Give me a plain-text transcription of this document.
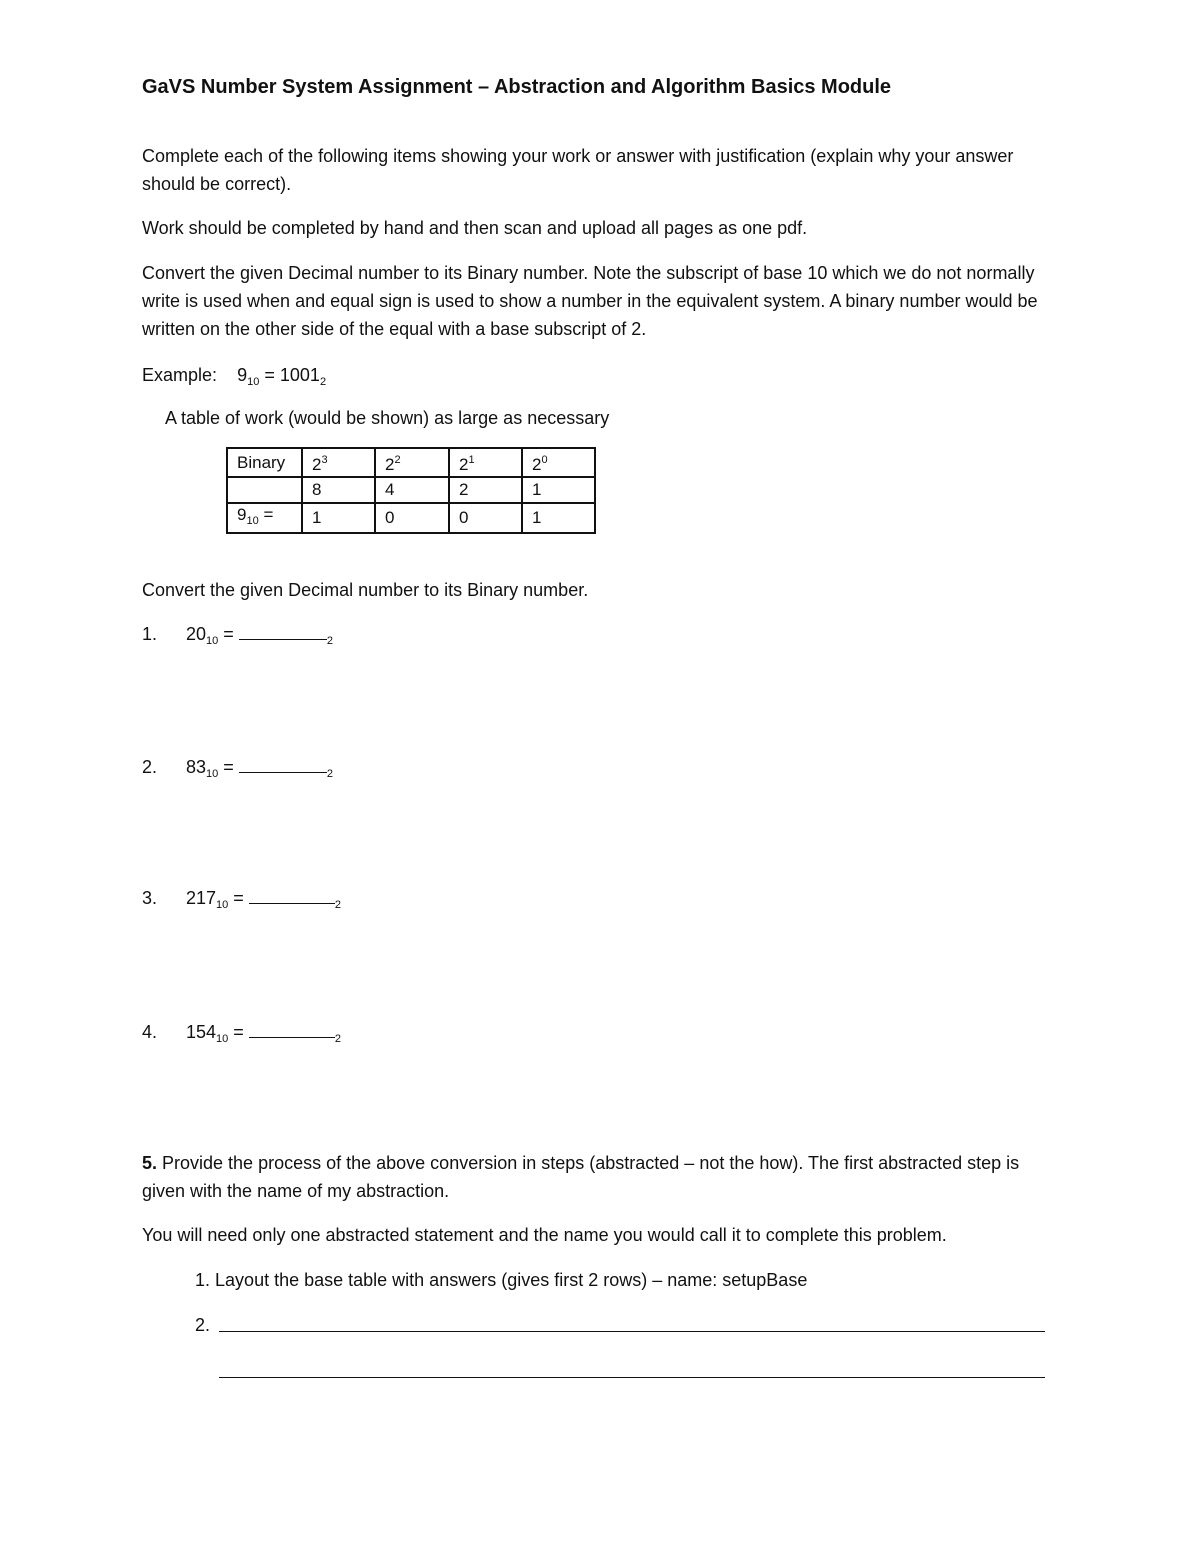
GaVS Number System Assignment – Abstraction and Algorithm Basics Module
Complete each of the following items showing your work or answer with justification (explain why your answer should be correct).
Work should be completed by hand and then scan and upload all pages as one pdf.
Convert the given Decimal number to its Binary number. Note the subscript of base 10 which we do not normally write is used when and equal sign is used to show a number in the equivalent system. A binary number would be written on the other side of the equal with a base subscript of 2.
Example: $9_{10} = 1001_2$
A table of work (would be shown) as large as necessary
Binary	$2^3$	$2^2$	$2^1$	$2^0$
	8	4	2	1
$9_{10}$ =	1	0	0	1
Convert the given Decimal number to its Binary number.
1. $20_{10}$ =	$_2$
2. $83_{10}$ =	$_2$
3. $217_{10}$ =	$_2$
4. $154_{10}$ =	$_2$
5. Provide the process of the above conversion in steps (abstracted – not the how). The first abstracted step is given with the name of my abstraction.
You will need only one abstracted statement and the name you would call it to complete this problem.
1. Layout the base table with answers (gives first 2 rows) – name: setupBase
2.
